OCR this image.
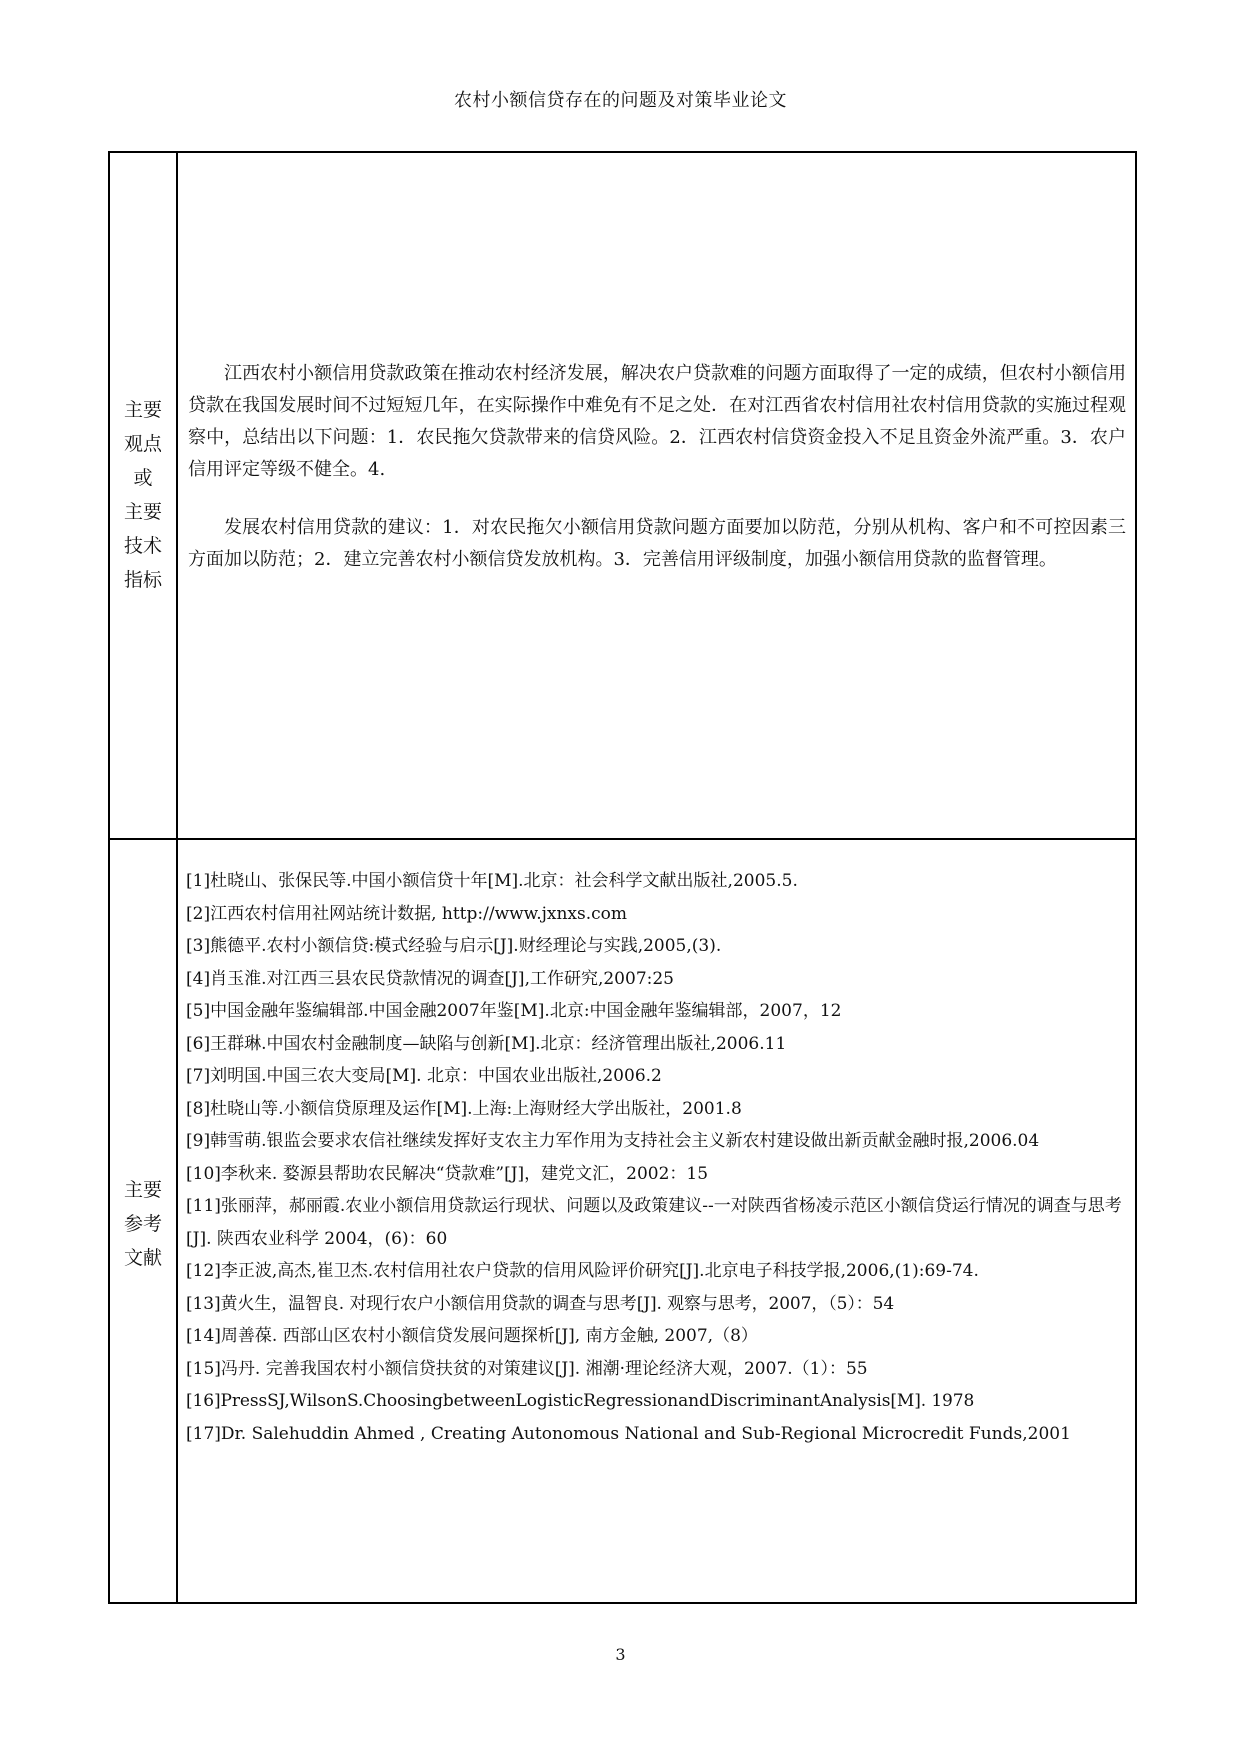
农村小额信贷存在的问题及对策毕业论文
主要
观点
或
主要
技术
指标

江西农村小额信用贷款政策在推动农村经济发展，解决农户贷款难的问题方面取得了一定的成绩，但农村小额信用贷款在我国发展时间不过短短几年，在实际操作中难免有不足之处．在对江西省农村信用社农村信用贷款的实施过程观察中，总结出以下问题：1．农民拖欠贷款带来的信贷风险。2．江西农村信贷资金投入不足且资金外流严重。3．农户信用评定等级不健全。4.

发展农村信用贷款的建议：1．对农民拖欠小额信用贷款问题方面要加以防范，分别从机构、客户和不可控因素三方面加以防范；2．建立完善农村小额信贷发放机构。3．完善信用评级制度，加强小额信用贷款的监督管理。

主要
参考
文献
[1]杜晓山、张保民等.中国小额信贷十年[M].北京：社会科学文献出版社,2005.5.
[2]江西农村信用社网站统计数据, http://www.jxnxs.com
[3]熊德平.农村小额信贷:模式经验与启示[J].财经理论与实践,2005,(3).
[4]肖玉淮.对江西三县农民贷款情况的调查[J],工作研究,2007:25
[5]中国金融年鉴编辑部.中国金融2007年鉴[M].北京:中国金融年鉴编辑部，2007，12
[6]王群琳.中国农村金融制度—缺陷与创新[M].北京：经济管理出版社,2006.11
[7]刘明国.中国三农大变局[M]. 北京：中国农业出版社,2006.2
[8]杜晓山等.小额信贷原理及运作[M].上海:上海财经大学出版社，2001.8
[9]韩雪萌.银监会要求农信社继续发挥好支农主力军作用为支持社会主义新农村建设做出新贡献金融时报,2006.04
[10]李秋来. 婺源县帮助农民解决“贷款难”[J]，建党文汇，2002：15
[11]张丽萍，郝丽霞.农业小额信用贷款运行现状、问题以及政策建议--一对陕西省杨凌示范区小额信贷运行情况的调查与思考[J]. 陕西农业科学 2004，(6)：60
[12]李正波,高杰,崔卫杰.农村信用社农户贷款的信用风险评价研究[J].北京电子科技学报,2006,(1):69-74.
[13]黄火生，温智良. 对现行农户小额信用贷款的调查与思考[J]. 观察与思考，2007，（5）：54
[14]周善葆. 西部山区农村小额信贷发展问题探析[J], 南方金触, 2007,（8）
[15]冯丹. 完善我国农村小额信贷扶贫的对策建议[J]. 湘潮·理论经济大观，2007.（1）：55
[16]PressSJ,WilsonS.ChoosingbetweenLogisticRegressionandDiscriminantAnalysis[M]. 1978
[17]Dr. Salehuddin Ahmed , Creating Autonomous National and Sub-Regional Microcredit Funds,2001
3
